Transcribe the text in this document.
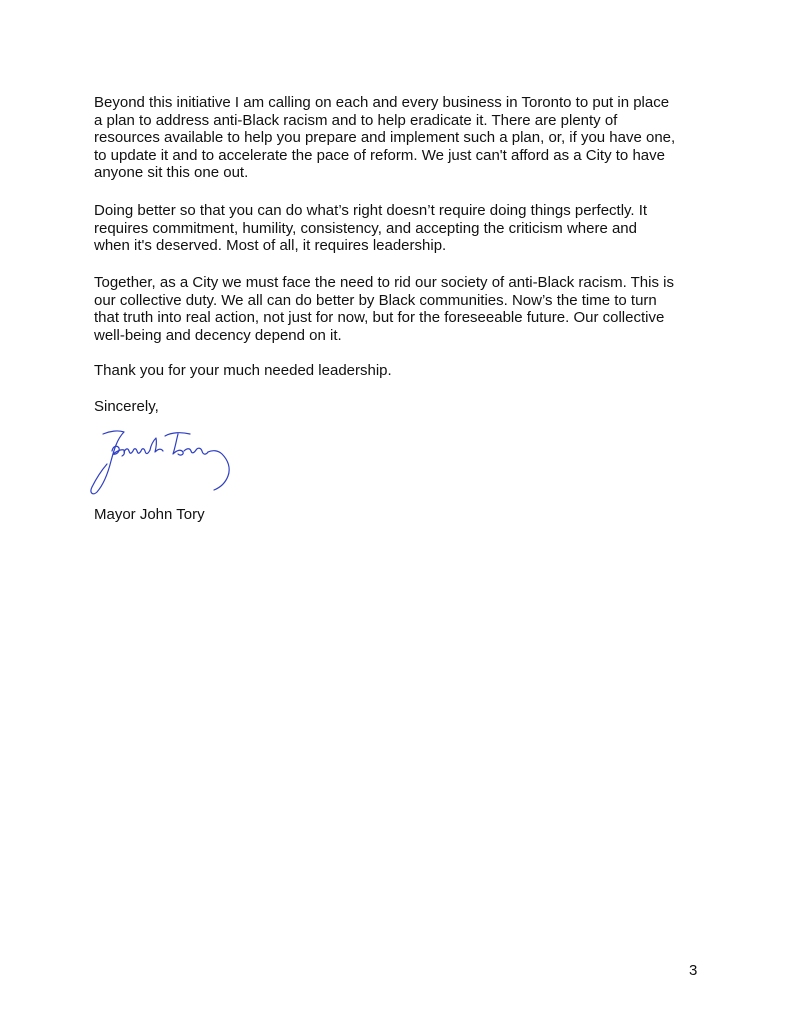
Beyond this initiative I am calling on each and every business in Toronto to put in place
a plan to address anti-Black racism and to help eradicate it. There are plenty of
resources available to help you prepare and implement such a plan, or, if you have one,
to update it and to accelerate the pace of reform. We just can't afford as a City to have
anyone sit this one out.

Doing better so that you can do what’s right doesn’t require doing things perfectly. It
requires commitment, humility, consistency, and accepting the criticism where and
when it's deserved. Most of all, it requires leadership.

Together, as a City we must face the need to rid our society of anti-Black racism. This is
our collective duty. We all can do better by Black communities. Now’s the time to turn
that truth into real action, not just for now, but for the foreseeable future. Our collective
well-being and decency depend on it.

Thank you for your much needed leadership.

Sincerely,

Mayor John Tory
3
